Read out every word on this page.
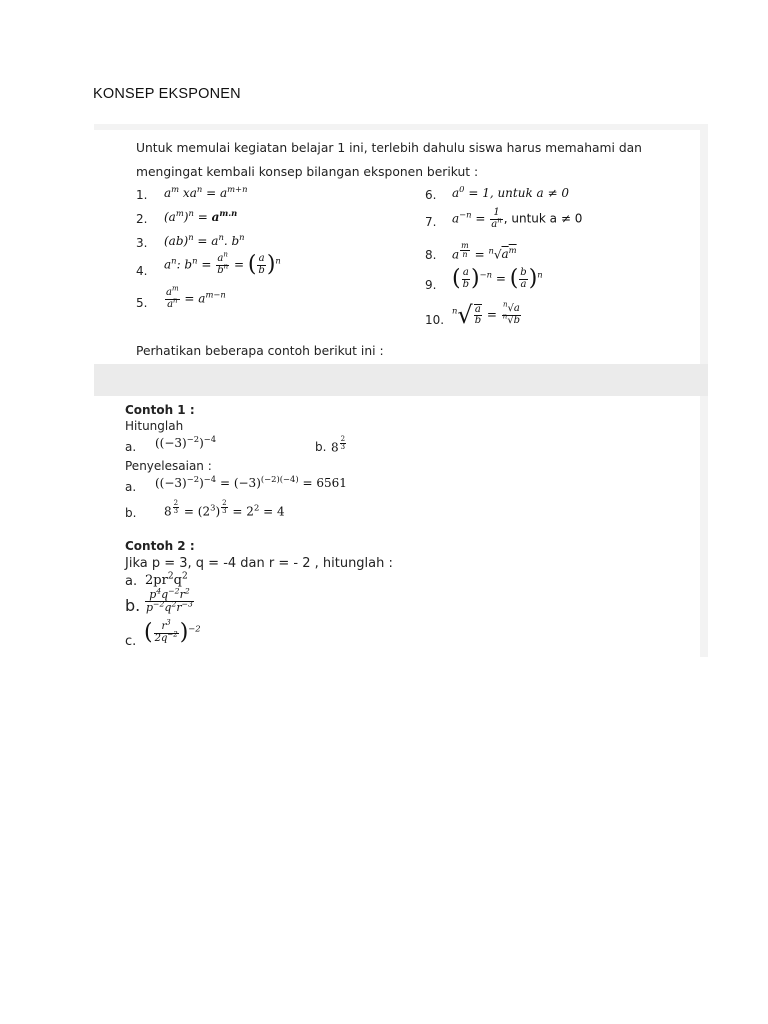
KONSEP EKSPONEN
Untuk memulai kegiatan belajar 1 ini, terlebih dahulu siswa harus memahami dan
mengingat kembali konsep bilangan eksponen berikut :
1. $a^m$ $xa^n = a^{m+n}$
2. $(a^m)^n = a^{m.n}$
3. $(ab)^n = a^n$. $b^n$
4. $a^n$: $b^n = \frac{a^n}{b^n}$ = ( $\frac{a}{b} )^n$
5. $\frac{a^m}{a^n} = a^{m-n}$
6. $a^0 = 1$, untuk a ≠ 0
7. $a^{-n} = \frac{1}{a^n}$ , untuk a ≠ 0
8. a $^{\frac{m}{n}} = ^n√a^m$
9. ( $\frac{a}{b} )^{-n}$ = ( $\frac{b}{a} )^n$
10.
$^n√ \frac{a}{b} = \frac{^n√a}{^n√b}$
Perhatikan beberapa contoh berikut ini :
Contoh 1 :
Hitunglah
a. $((-3)^{-2})^{-4}$
b. 8 $^{\frac{2}{3}}$
Penyelesaian :
a. $((-3)^{-2})^{-4} = (-3)^{(-2)(-4)} = 6561$
b. 8 $^{\frac{2}{3}} = (2^3) ^{\frac{2}{3}} = 2^2 = 4$
Contoh 2 :
Jika p = 3, q = -4 dan r = - 2 , hitunglah :
a. $2pr^2q^2$
b. $\frac{p^4q^{-2}r^2}{p^{-2}q^2r^{-3}}$
c. ( $\frac{r^3}{2q^{-2}} )^{-2}$
